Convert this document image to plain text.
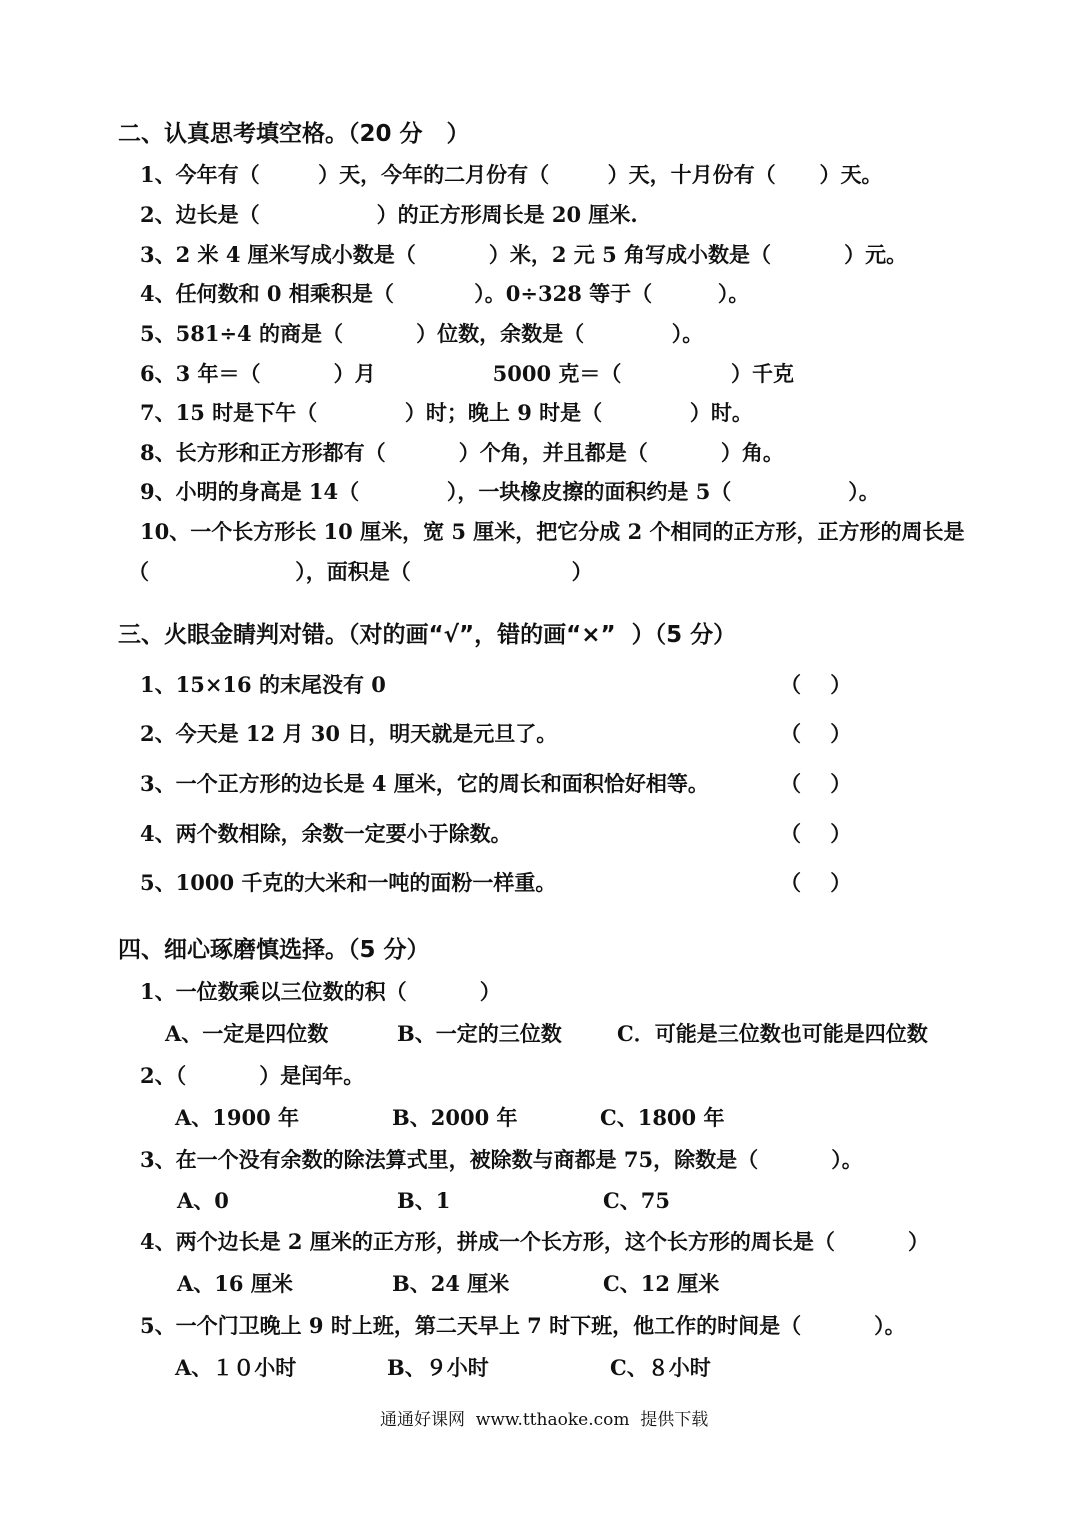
二、认真思考填空格。（20 分   ）
1、今年有（        ）天，今年的二月份有（        ）天，十月份有（      ）天。
2、边长是（                ）的正方形周长是 20 厘米.
3、2 米 4 厘米写成小数是（          ）米，2 元 5 角写成小数是（          ）元。
4、任何数和 0 相乘积是（           ）。0÷328 等于（         ）。
5、581÷4 的商是（          ）位数，余数是（            ）。
6、3 年＝（          ）月                5000 克＝（               ）千克
7、15 时是下午（            ）时；晚上 9 时是（            ）时。
8、长方形和正方形都有（          ）个角，并且都是（          ）角。
9、小明的身高是 14（            ），一块橡皮擦的面积约是 5（                ）。
10、一个长方形长 10 厘米，宽 5 厘米，把它分成 2 个相同的正方形，正方形的周长是
（                    ），面积是（                      ）
三、火眼金睛判对错。（对的画“√”，错的画“×”  ）（5 分）
1、15×16 的末尾没有 0	（    ）
2、今天是 12 月 30 日，明天就是元旦了。	（    ）
3、一个正方形的边长是 4 厘米，它的周长和面积恰好相等。	（    ）
4、两个数相除，余数一定要小于除数。	（    ）
5、1000 千克的大米和一吨的面粉一样重。	（    ）
四、细心琢磨慎选择。（5 分）
1、一位数乘以三位数的积（          ）
A、一定是四位数	B、一定的三位数	C．可能是三位数也可能是四位数
2、（          ）是闰年。
A、1900 年	B、2000 年	C、1800 年
3、在一个没有余数的除法算式里，被除数与商都是 75，除数是（          ）。
A、0	B、1	C、75
4、两个边长是 2 厘米的正方形，拼成一个长方形，这个长方形的周长是（          ）
A、16 厘米	B、24 厘米	C、12 厘米
5、一个门卫晚上 9 时上班，第二天早上 7 时下班，他工作的时间是（          ）。
A、１０小时	B、９小时	C、８小时
通通好课网  www.tthaoke.com  提供下载
